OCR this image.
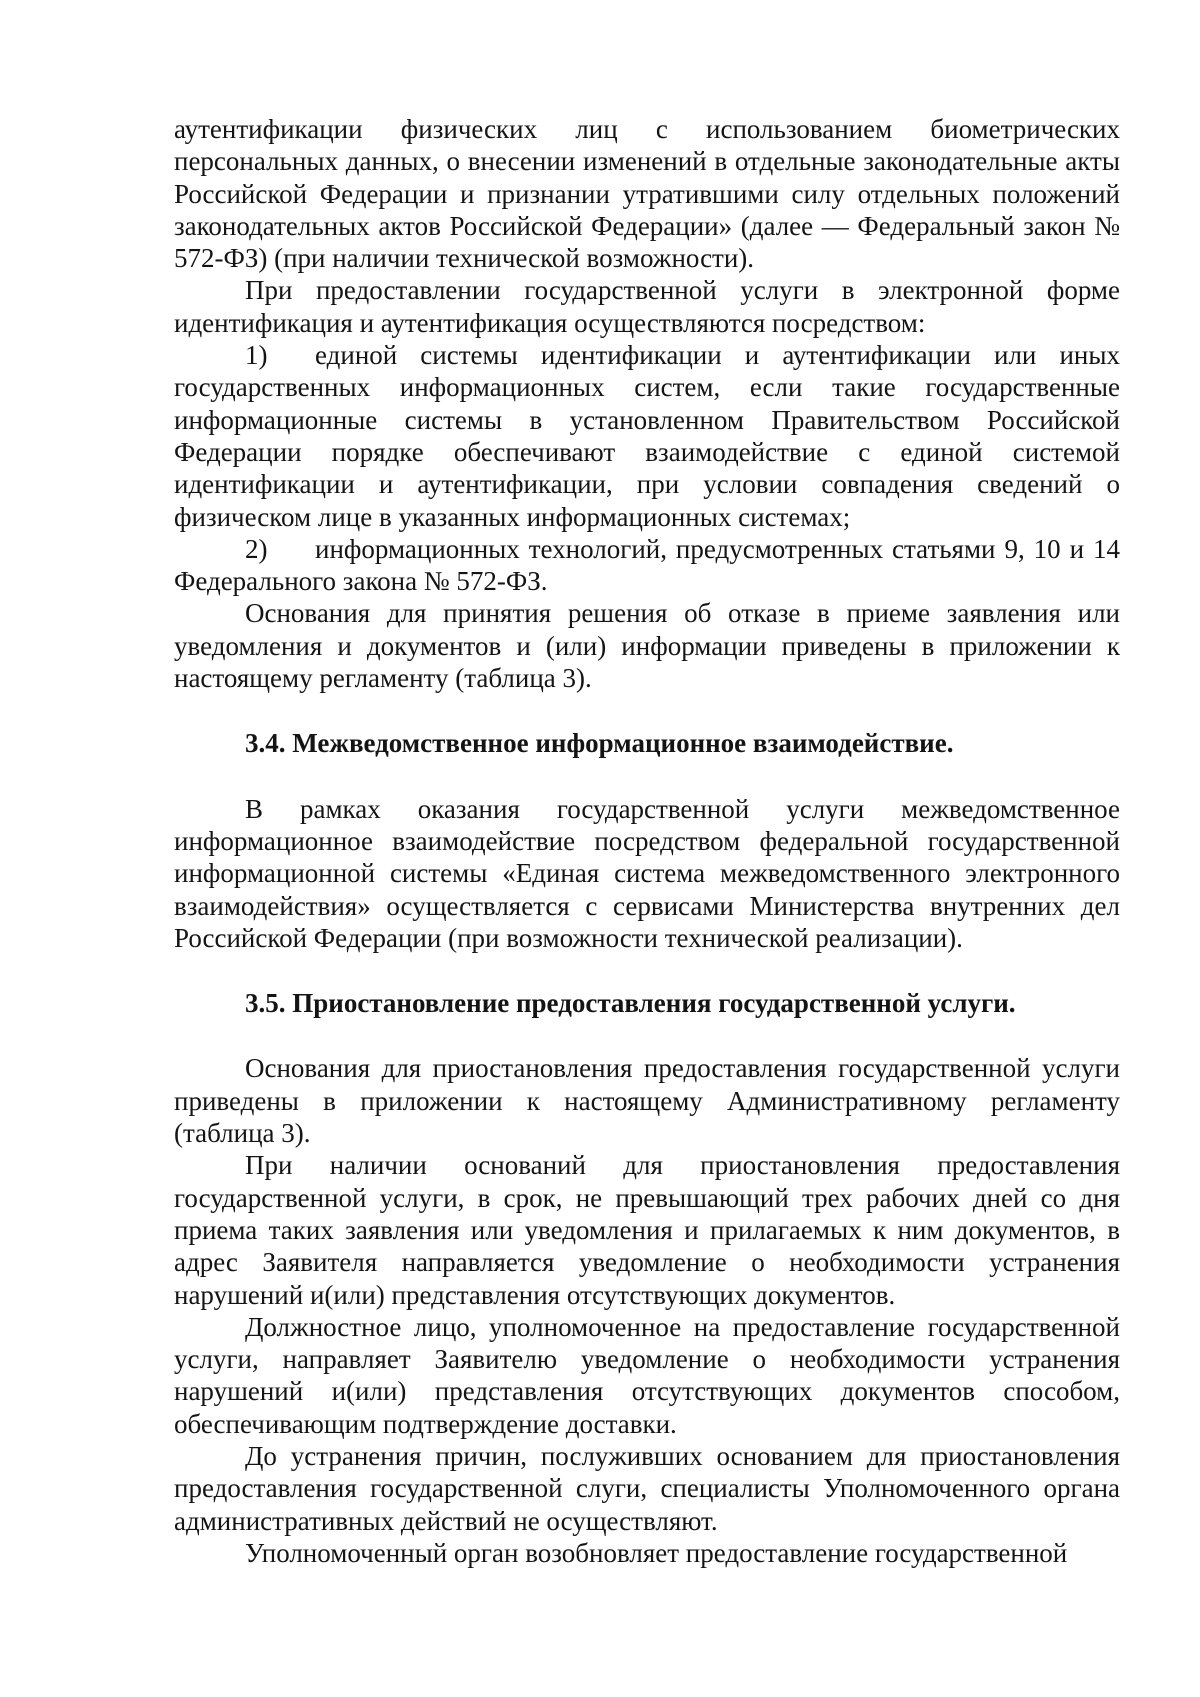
аутентификации физических лиц с использованием биометрических персональных данных, о внесении изменений в отдельные законодательные акты Российской Федерации и признании утратившими силу отдельных положений законодательных актов Российской Федерации» (далее — Федеральный закон № 572-ФЗ) (при наличии технической возможности).

При предоставлении государственной услуги в электронной форме идентификация и аутентификация осуществляются посредством:

1) единой системы идентификации и аутентификации или иных государственных информационных систем, если такие государственные информационные системы в установленном Правительством Российской Федерации порядке обеспечивают взаимодействие с единой системой идентификации и аутентификации, при условии совпадения сведений о физическом лице в указанных информационных системах;

2) информационных технологий, предусмотренных статьями 9, 10 и 14 Федерального закона № 572-ФЗ.

Основания для принятия решения об отказе в приеме заявления или уведомления и документов и (или) информации приведены в приложении к настоящему регламенту (таблица 3).

3.4. Межведомственное информационное взаимодействие.

В рамках оказания государственной услуги межведомственное информационное взаимодействие посредством федеральной государственной информационной системы «Единая система межведомственного электронного взаимодействия» осуществляется с сервисами Министерства внутренних дел Российской Федерации (при возможности технической реализации).

3.5. Приостановление предоставления государственной услуги.

Основания для приостановления предоставления государственной услуги приведены в приложении к настоящему Административному регламенту (таблица 3).

При наличии оснований для приостановления предоставления государственной услуги, в срок, не превышающий трех рабочих дней со дня приема таких заявления или уведомления и прилагаемых к ним документов, в адрес Заявителя направляется уведомление о необходимости устранения нарушений и(или) представления отсутствующих документов.

Должностное лицо, уполномоченное на предоставление государственной услуги, направляет Заявителю уведомление о необходимости устранения нарушений и(или) представления отсутствующих документов способом, обеспечивающим подтверждение доставки.

До устранения причин, послуживших основанием для приостановления предоставления государственной слуги, специалисты Уполномоченного органа административных действий не осуществляют.

Уполномоченный орган возобновляет предоставление государственной
